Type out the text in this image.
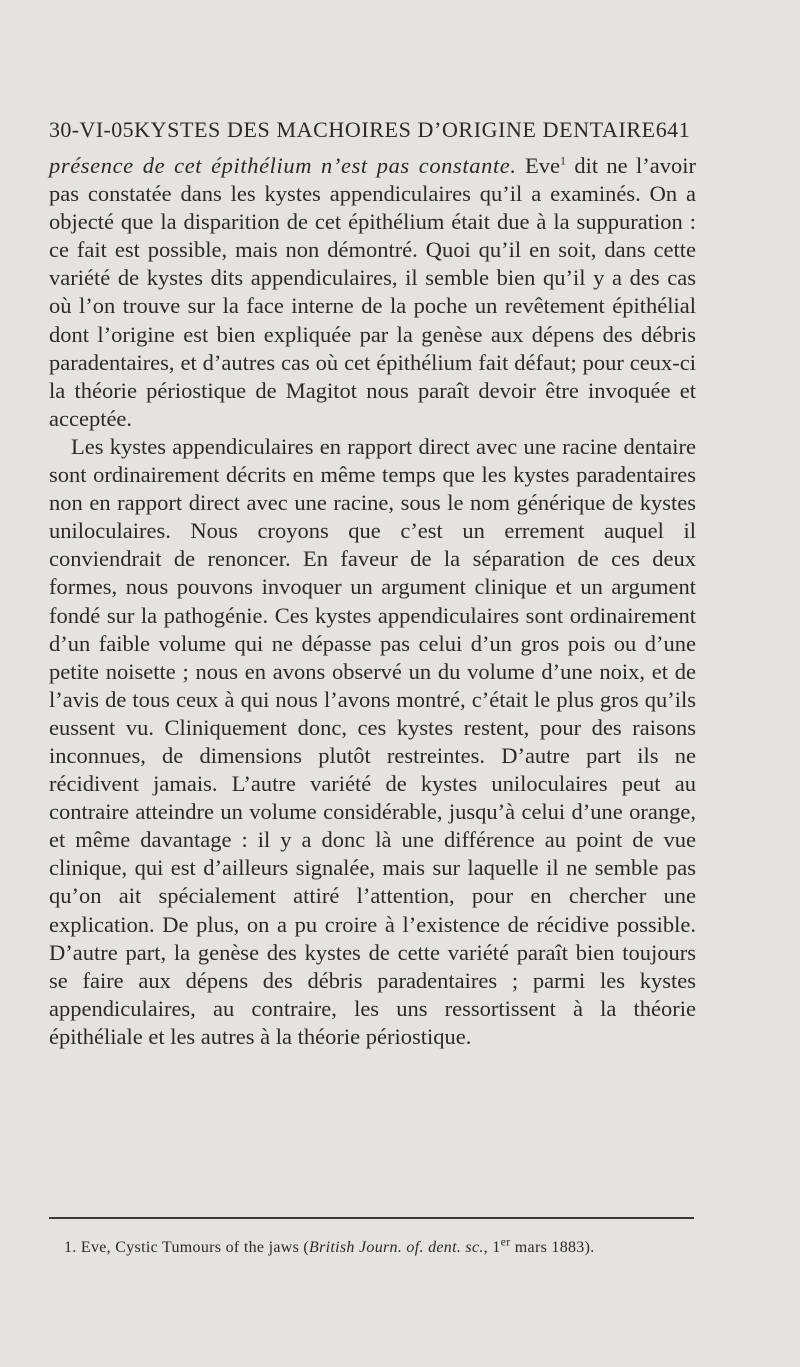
30-VI-05 KYSTES DES MACHOIRES D’ORIGINE DENTAIRE 641

présence de cet épithélium n’est pas constante. Eve$^1$ dit ne l’avoir pas constatée dans les kystes appendiculaires qu’il a examinés. On a objecté que la disparition de cet épithélium était due à la suppuration : ce fait est possible, mais non démontré. Quoi qu’il en soit, dans cette variété de kystes dits appendiculaires, il semble bien qu’il y a des cas où l’on trouve sur la face interne de la poche un revêtement épithélial dont l’origine est bien expliquée par la genèse aux dépens des débris paradentaires, et d’autres cas où cet épithélium fait défaut; pour ceux-ci la théorie périostique de Magitot nous paraît devoir être invoquée et acceptée.

Les kystes appendiculaires en rapport direct avec une racine dentaire sont ordinairement décrits en même temps que les kystes paradentaires non en rapport direct avec une racine, sous le nom générique de kystes uniloculaires. Nous croyons que c’est un errement auquel il conviendrait de renoncer. En faveur de la séparation de ces deux formes, nous pouvons invoquer un argument clinique et un argument fondé sur la pathogénie. Ces kystes appendiculaires sont ordinairement d’un faible volume qui ne dépasse pas celui d’un gros pois ou d’une petite noisette ; nous en avons observé un du volume d’une noix, et de l’avis de tous ceux à qui nous l’avons montré, c’était le plus gros qu’ils eussent vu. Cliniquement donc, ces kystes restent, pour des raisons inconnues, de dimensions plutôt restreintes. D’autre part ils ne récidivent jamais. L’autre variété de kystes uniloculaires peut au contraire atteindre un volume considérable, jusqu’à celui d’une orange, et même davantage : il y a donc là une différence au point de vue clinique, qui est d’ailleurs signalée, mais sur laquelle il ne semble pas qu’on ait spécialement attiré l’attention, pour en chercher une explication. De plus, on a pu croire à l’existence de récidive possible. D’autre part, la genèse des kystes de cette variété paraît bien toujours se faire aux dépens des débris paradentaires ; parmi les kystes appendiculaires, au contraire, les uns ressortissent à la théorie épithéliale et les autres à la théorie périostique.

1. Eve, Cystic Tumours of the jaws (British Journ. of. dent. sc., 1er mars 1883).
